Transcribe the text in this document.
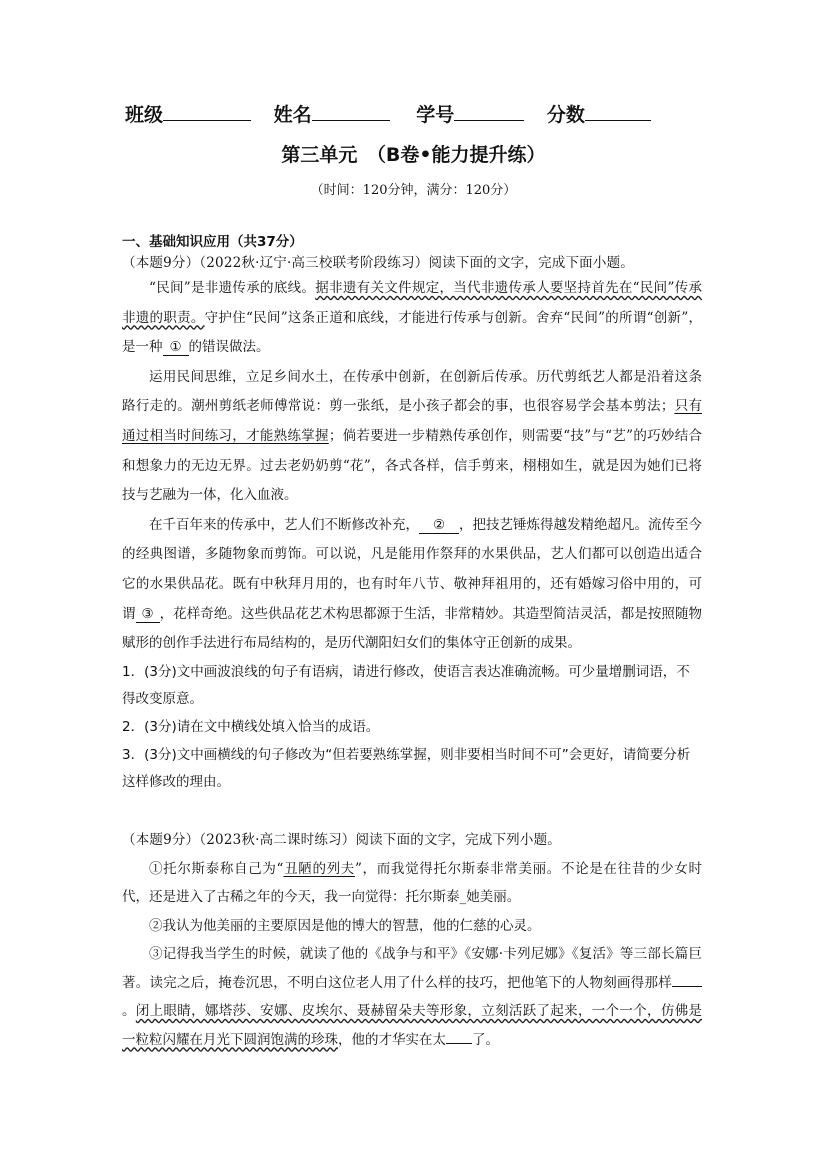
班级	姓名	学号	分数
第三单元　（B卷•能力提升练）
（时间：120分钟，满分：120分）
一、基础知识应用（共37分）
（本题9分）（2022秋·辽宁·高三校联考阶段练习）阅读下面的文字，完成下面小题。
“民间”是非遗传承的底线。据非遗有关文件规定，当代非遗传承人要坚持首先在“民间”传承非遗的职责。守护住“民间”这条正道和底线，才能进行传承与创新。舍弃“民间”的所谓“创新”，是一种 ① 的错误做法。
运用民间思维，立足乡间水土，在传承中创新，在创新后传承。历代剪纸艺人都是沿着这条路行走的。潮州剪纸老师傅常说：剪一张纸，是小孩子都会的事，也很容易学会基本剪法；只有通过相当时间练习，才能熟练掌握；倘若要进一步精熟传承创作，则需要“技”与“艺”的巧妙结合和想象力的无边无界。过去老奶奶剪“花”，各式各样，信手剪来，栩栩如生，就是因为她们已将技与艺融为一体，化入血液。
在千百年来的传承中，艺人们不断修改补充， ② ，把技艺锤炼得越发精绝超凡。流传至今的经典图谱，多随物象而剪饰。可以说，凡是能用作祭拜的水果供品，艺人们都可以创造出适合它的水果供品花。既有中秋拜月用的，也有时年八节、敬神拜祖用的，还有婚嫁习俗中用的，可谓 ③ ，花样奇绝。这些供品花艺术构思都源于生活，非常精妙。其造型简洁灵活，都是按照随物赋形的创作手法进行布局结构的，是历代潮阳妇女们的集体守正创新的成果。
1．(3分)文中画波浪线的句子有语病，请进行修改，使语言表达准确流畅。可少量增删词语，不得改变原意。
2．(3分)请在文中横线处填入恰当的成语。
3．(3分)文中画横线的句子修改为“但若要熟练掌握，则非要相当时间不可”会更好，请简要分析这样修改的理由。
（本题9分）（2023秋·高二课时练习）阅读下面的文字，完成下列小题。
①托尔斯泰称自己为“丑陋的列夫”，而我觉得托尔斯泰非常美丽。不论是在往昔的少女时代，还是进入了古稀之年的今天，我一向觉得：托尔斯泰_她美丽。
②我认为他美丽的主要原因是他的博大的智慧，他的仁慈的心灵。
③记得我当学生的时候，就读了他的《战争与和平》《安娜·卡列尼娜》《复活》等三部长篇巨著。读完之后，掩卷沉思，不明白这位老人用了什么样的技巧，把他笔下的人物刻画得那样。闭上眼睛，娜塔莎、安娜、皮埃尔、聂赫留朵夫等形象，立刻活跃了起来，一个一个，仿佛是一粒粒闪耀在月光下圆润饱满的珍珠，他的才华实在太 了。
